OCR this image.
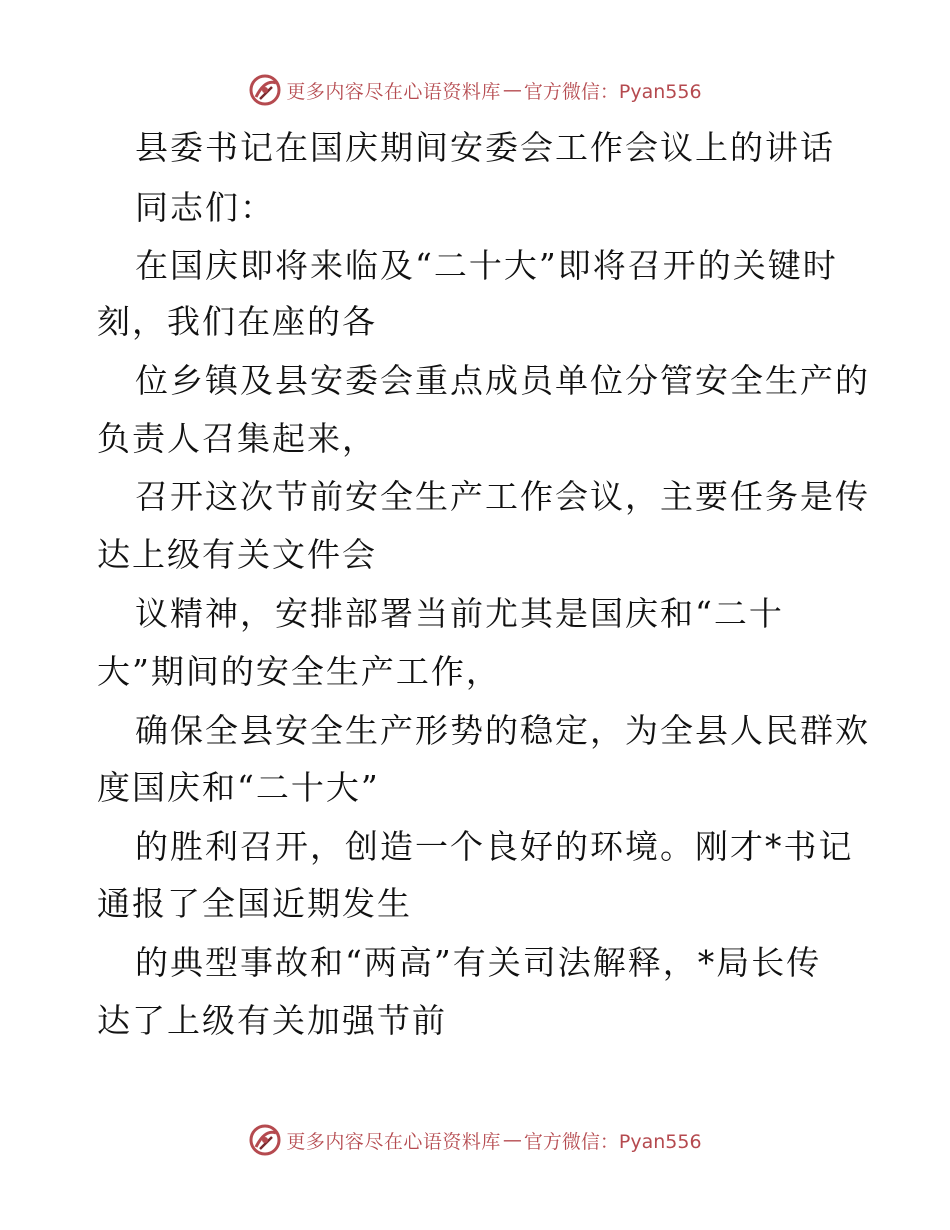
更多内容尽在心语资料库 — 官方微信：Pyan556
县委书记在国庆期间安委会工作会议上的讲话
同志们：
在国庆即将来临及“二十大”即将召开的关键时
刻，我们在座的各
位乡镇及县安委会重点成员单位分管安全生产的
负责人召集起来，
召开这次节前安全生产工作会议，主要任务是传
达上级有关文件会
议精神，安排部署当前尤其是国庆和“二十
大”期间的安全生产工作，
确保全县安全生产形势的稳定，为全县人民群欢
度国庆和“二十大”
的胜利召开，创造一个良好的环境。刚才*书记
通报了全国近期发生
的典型事故和“两高”有关司法解释，*局长传
达了上级有关加强节前
更多内容尽在心语资料库 — 官方微信：Pyan556
